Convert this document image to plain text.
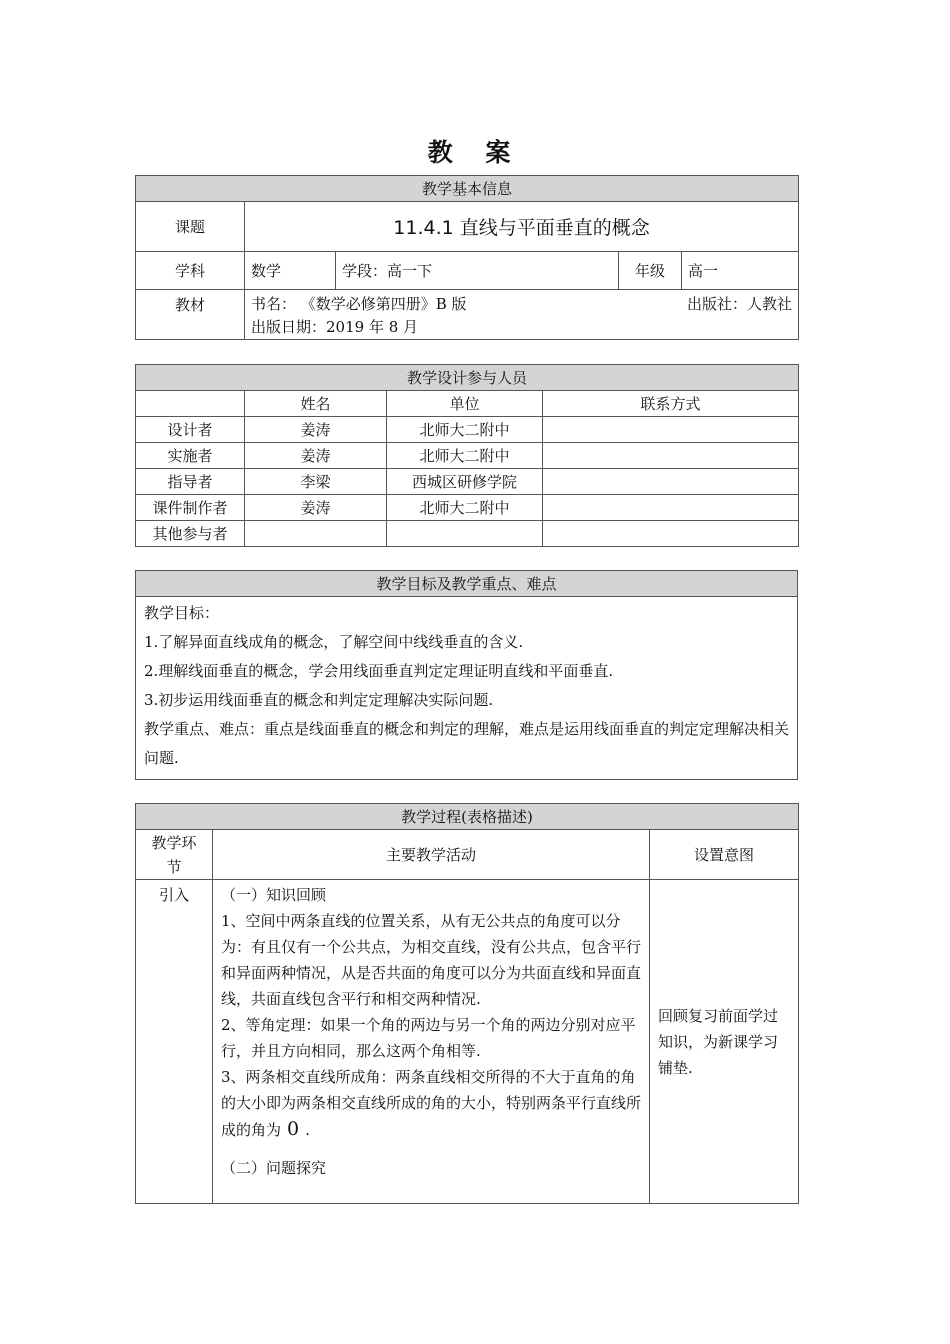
教 案
教学基本信息				
课题	11.4.1 直线与平面垂直的概念			
学科	数学	学段：高一下	年级	高一
教材	书名： 《数学必修第四册》B 版 出版社：人教社
出版日期：2019 年 8 月			
教学设计参与人员			
	姓名	单位	联系方式
设计者	姜涛	北师大二附中	
实施者	姜涛	北师大二附中	
指导者	李梁	西城区研修学院	
课件制作者	姜涛	北师大二附中	
其他参与者			
教学目标及教学重点、难点

教学目标：
1.了解异面直线成角的概念，了解空间中线线垂直的含义.
2.理解线面垂直的概念，学会用线面垂直判定定理证明直线和平面垂直.
3.初步运用线面垂直的概念和判定定理解决实际问题.
教学重点、难点：重点是线面垂直的概念和判定的理解，难点是运用线面垂直的判定定理解决相关问题.
教学过程(表格描述)		
教学环节	主要教学活动	设置意图
引入	（一）知识回顾

1、空间中两条直线的位置关系，从有无公共点的角度可以分为：有且仅有一个公共点，为相交直线，没有公共点，包含平行和异面两种情况，从是否共面的角度可以分为共面直线和异面直线，共面直线包含平行和相交两种情况.

2、等角定理：如果一个角的两边与另一个角的两边分别对应平行，并且方向相同，那么这两个角相等.

3、两条相交直线所成角：两条直线相交所得的不大于直角的角的大小即为两条相交直线所成的角的大小，特别两条平行直线所成的角为 0 .

（二）问题探究	回顾复习前面学过知识，为新课学习铺垫.
